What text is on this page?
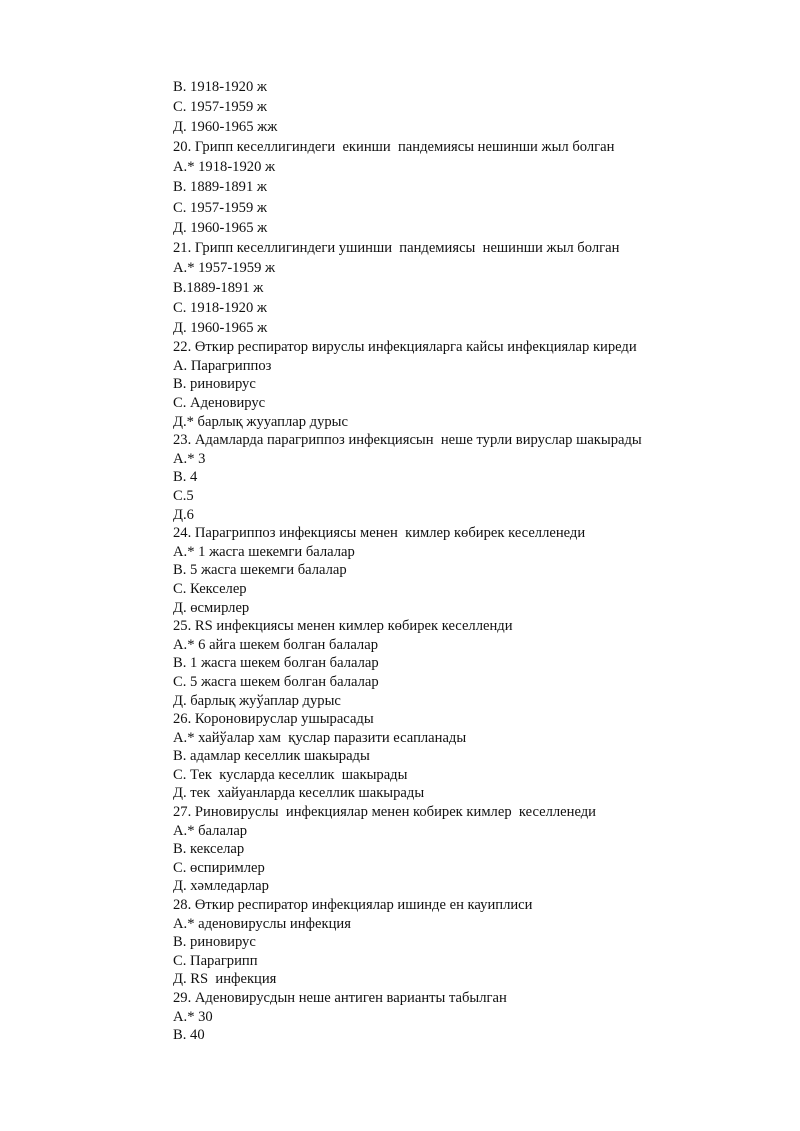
В. 1918-1920 ж
С. 1957-1959 ж
Д. 1960-1965 жж
20. Грипп кеселлигиндеги  екинши  пандемиясы нешинши жыл болган
А.* 1918-1920 ж
В. 1889-1891 ж
С. 1957-1959 ж
Д. 1960-1965 ж
21. Грипп кеселлигиндеги ушинши  пандемиясы  нешинши жыл болган
А.* 1957-1959 ж
В.1889-1891 ж
С. 1918-1920 ж
Д. 1960-1965 ж
22. Өткир респиратор вируслы инфекцияларга кайсы инфекциялар киреди
А. Парагриппоз
В. риновирус
С. Аденовирус
Д.* барлық жууаплар дурыс
23. Адамларда парагриппоз инфекциясын  неше турли вируслар шакырады
А.* 3
В. 4
С.5
Д.6
24. Парагриппоз инфекциясы менен  кимлер көбирек кеселленеди
А.* 1 жасга шекемги балалар
В. 5 жасга шекемги балалар
С. Кекселер
Д. өсмирлер
25. RS инфекциясы менен кимлер көбирек кеселленди
А.* 6 айга шекем болган балалар
В. 1 жасга шекем болган балалар
С. 5 жасга шекем болган балалар
Д. барлық жуўаплар дурыс
26. Короновируслар ушырасады
А.* хайўалар хам  қуслар паразити есапланады
В. адамлар кеселлик шакырады
С. Тек  кусларда кеселлик  шакырады
Д. тек  хайуанларда кеселлик шакырады
27. Риновируслы  инфекциялар менен кобирек кимлер  кеселленеди
А.* балалар
В. кекселар
С. өспиримлер
Д. хәмледарлар
28. Өткир респиратор инфекциялар ишинде ен кауиплиси
А.* аденовируслы инфекция
В. риновирус
С. Парагрипп
Д. RS  инфекция
29. Аденовирусдын неше антиген варианты табылган
А.* 30
В. 40
